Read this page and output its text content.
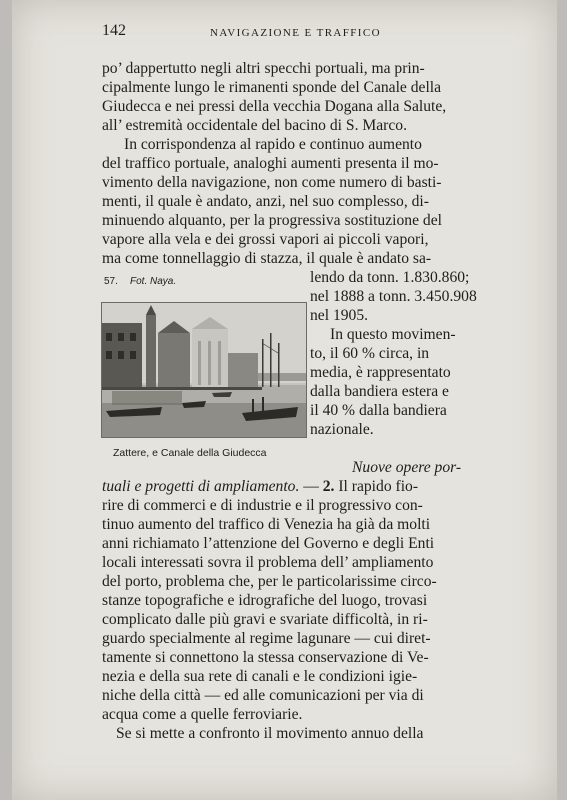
142	NAVIGAZIONE E TRAFFICO
po’ dappertutto negli altri specchi portuali, ma prin-
cipalmente lungo le rimanenti sponde del Canale della
Giudecca e nei pressi della vecchia Dogana alla Salute,
all’ estremità occidentale del bacino di S. Marco.
In corrispondenza al rapido e continuo aumento
del traffico portuale, analoghi aumenti presenta il mo-
vimento della navigazione, non come numero di basti-
menti, il quale è andato, anzi, nel suo complesso, di-
minuendo alquanto, per la progressiva sostituzione del
vapore alla vela e dei grossi vapori ai piccoli vapori,
ma come tonnellaggio di stazza, il quale è andato sa-
lendo da tonn. 1.830.860;
nel 1888 a tonn. 3.450.908
nel 1905.
In questo movimen-
to, il 60 % circa, in
media, è rappresentato
dalla bandiera estera e
il 40 % dalla bandiera
nazionale.
Nuove opere por-
tuali e progetti di ampliamento. — 2. Il rapido fio-
rire di commerci e di industrie e il progressivo con-
tinuo aumento del traffico di Venezia ha già da molti
anni richiamato l’attenzione del Governo e degli Enti
locali interessati sovra il problema dell’ ampliamento
del porto, problema che, per le particolarissime circo-
stanze topografiche e idrografiche del luogo, trovasi
complicato dalle più gravi e svariate difficoltà, in ri-
guardo specialmente al regime lagunare — cui diret-
tamente si connettono la stessa conservazione di Ve-
nezia e della sua rete di canali e le condizioni igie-
niche della città — ed alle comunicazioni per via di
acqua come a quelle ferroviarie.
Se si mette a confronto il movimento annuo della
57. Fot. Naya.
Zattere, e Canale della Giudecca
